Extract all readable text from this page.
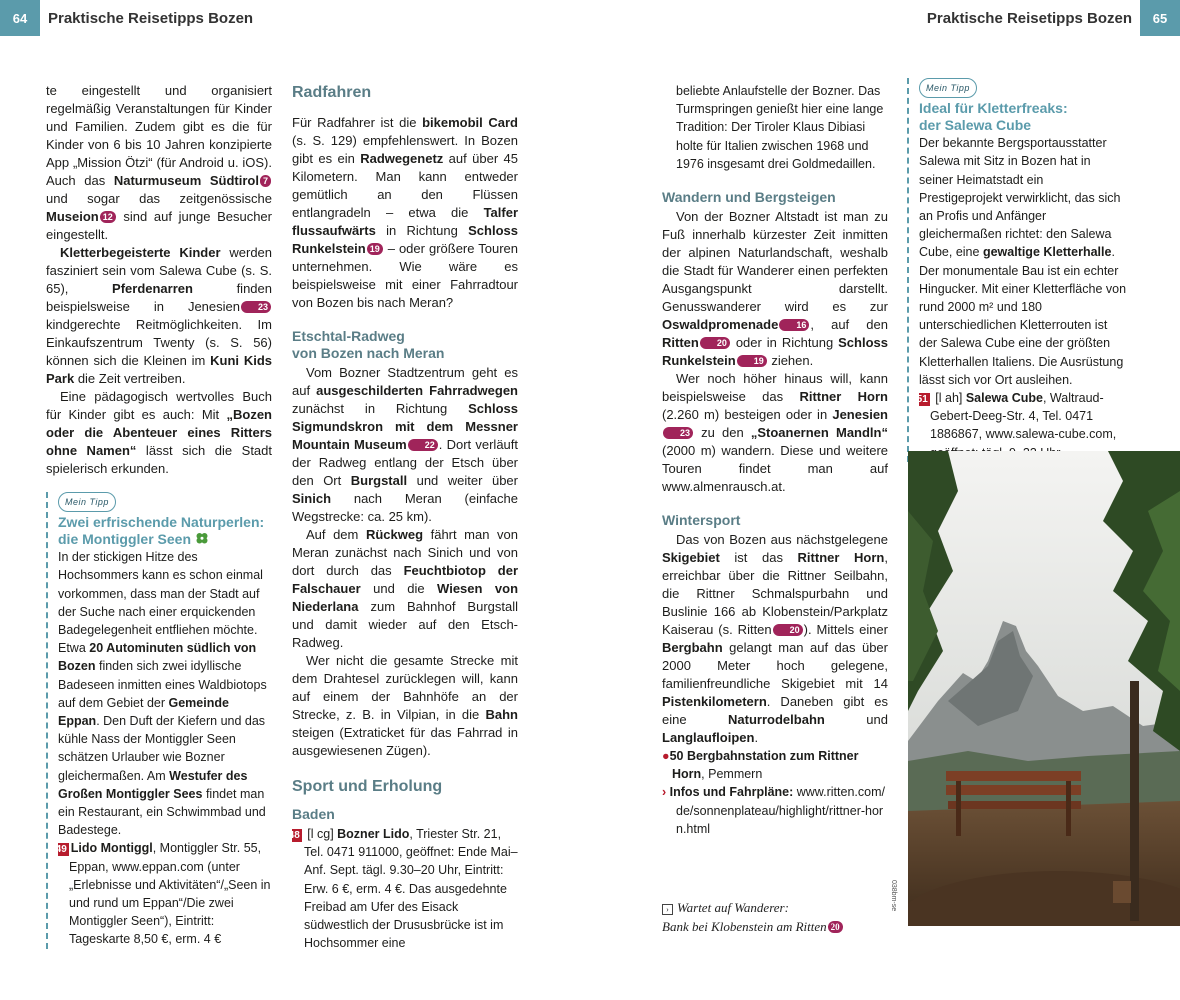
64	Praktische Reisetipps Bozen	Praktische Reisetipps Bozen	65

te eingestellt und organisiert regelmäßig Veranstaltungen für Kinder und Familien. Zudem gibt es die für Kinder von 6 bis 10 Jahren konzipierte App „Mission Ötzi“ (für Android u. iOS). Auch das Naturmuseum Südtirol 7 und sogar das zeitgenössische Museion 12 sind auf junge Besucher eingestellt.

Kletterbegeisterte Kinder werden fasziniert sein vom Salewa Cube (s. S. 65), Pferdenarren finden beispielsweise in Jenesien 23 kindgerechte Reitmöglichkeiten. Im Einkaufszentrum Twenty (s. S. 56) können sich die Kleinen im Kuni Kids Park die Zeit vertreiben.

Eine pädagogisch wertvolles Buch für Kinder gibt es auch: Mit „Bozen oder die Abenteuer eines Ritters ohne Namen“ lässt sich die Stadt spielerisch erkunden.

Mein Tipp
Zwei erfrischende Naturperlen:
die Montiggler Seen
In der stickigen Hitze des Hochsommers kann es schon einmal vorkommen, dass man der Stadt auf der Suche nach einer erquickenden Badegelegenheit entfliehen möchte. Etwa 20 Autominuten südlich von Bozen finden sich zwei idyllische Badeseen inmitten eines Waldbiotops auf dem Gebiet der Gemeinde Eppan. Den Duft der Kiefern und das kühle Nass der Montiggler Seen schätzen Urlauber wie Bozner gleichermaßen. Am Westufer des Großen Montiggler Sees findet man ein Restaurant, ein Schwimmbad und Badestege.
S49 Lido Montiggl, Montiggler Str. 55, Eppan, www.eppan.com (unter „Erlebnisse und Aktivitäten“/„Seen in und rund um Eppan“/Die zwei Montiggler Seen“), Eintritt: Tageskarte 8,50 €, erm. 4 €
Radfahren

Für Radfahrer ist die bikemobil Card (s. S. 129) empfehlenswert. In Bozen gibt es ein Radwegenetz auf über 45 Kilometern. Man kann entweder gemütlich an den Flüssen entlangradeln – etwa die Talfer flussaufwärts in Richtung Schloss Runkelstein 19 – oder größere Touren unternehmen. Wie wäre es beispielsweise mit einer Fahrradtour von Bozen bis nach Meran?

Etschtal-Radweg
von Bozen nach Meran

Vom Bozner Stadtzentrum geht es auf ausgeschilderten Fahrradwegen zunächst in Richtung Schloss Sigmundskron mit dem Messner Mountain Museum 22 . Dort verläuft der Radweg entlang der Etsch über den Ort Burgstall und weiter über Sinich nach Meran (einfache Wegstrecke: ca. 25 km).

Auf dem Rückweg fährt man von Meran zunächst nach Sinich und von dort durch das Feuchtbiotop der Falschauer und die Wiesen von Niederlana zum Bahnhof Burgstall und damit wieder auf den Etsch-Radweg.

Wer nicht die gesamte Strecke mit dem Drahtesel zurücklegen will, kann auf einem der Bahnhöfe an der Strecke, z. B. in Vilpian, in die Bahn steigen (Extraticket für das Fahrrad in ausgewiesenen Zügen).

Sport und Erholung
Baden
S48 [l cg] Bozner Lido, Triester Str. 21, Tel. 0471 911000, geöffnet: Ende Mai–Anf. Sept. tägl. 9.30–20 Uhr, Eintritt: Erw. 6 €, erm. 4 €. Das ausgedehnte Freibad am Ufer des Eisack südwestlich der Drususbrücke ist im Hochsommer eine
beliebte Anlaufstelle der Bozner. Das Turmspringen genießt hier eine lange Tradition: Der Tiroler Klaus Dibiasi holte für Italien zwischen 1968 und 1976 insgesamt drei Goldmedaillen.
Wandern und Bergsteigen

Von der Bozner Altstadt ist man zu Fuß innerhalb kürzester Zeit inmitten der alpinen Naturlandschaft, weshalb die Stadt für Wanderer einen perfekten Ausgangspunkt darstellt. Genusswanderer wird es zur Oswaldpromenade 16 , auf den Ritten 20 oder in Richtung Schloss Runkelstein 19 ziehen.

Wer noch höher hinaus will, kann beispielsweise das Rittner Horn (2.260 m) besteigen oder in Jenesien23 zu den „Stoanernen Mandln“ (2000 m) wandern. Diese und weitere Touren findet man auf www.almenrausch.at.

Wintersport

Das von Bozen aus nächstgelegene Skigebiet ist das Rittner Horn, erreichbar über die Rittner Seilbahn, die Rittner Schmalspurbahn und Buslinie 166 ab Klobenstein/Parkplatz Kaiserau (s. Ritten 20 ). Mittels einer Bergbahn gelangt man auf das über 2000 Meter hoch gelegene, familienfreundliche Skigebiet mit 14 Pistenkilometern. Daneben gibt es eine Naturrodelbahn und Langlaufloipen.

●50 Bergbahnstation zum Rittner Horn, Pemmern
› Infos und Fahrpläne: www.ritten.com/de/sonnenplateau/highlight/rittner-horn.html
› Wartet auf Wanderer:
Bank bei Klobenstein am Ritten 20
Mein Tipp
Ideal für Kletterfreaks:
der Salewa Cube
Der bekannte Bergsportausstatter Salewa mit Sitz in Bozen hat in seiner Heimatstadt ein Prestigeprojekt verwirklicht, das sich an Profis und Anfänger gleichermaßen richtet: den Salewa Cube, eine gewaltige Kletterhalle. Der monumentale Bau ist ein echter Hingucker. Mit einer Kletterfläche von rund 2000 m² und 180 unterschiedlichen Kletterrouten ist der Salewa Cube eine der größten Kletterhallen Italiens. Die Ausrüstung lässt sich vor Ort ausleihen.
S51 [l ah] Salewa Cube, Waltraud-Gebert-Deeg-Str. 4, Tel. 0471 1886867, www.salewa-cube.com,
038bm-se
